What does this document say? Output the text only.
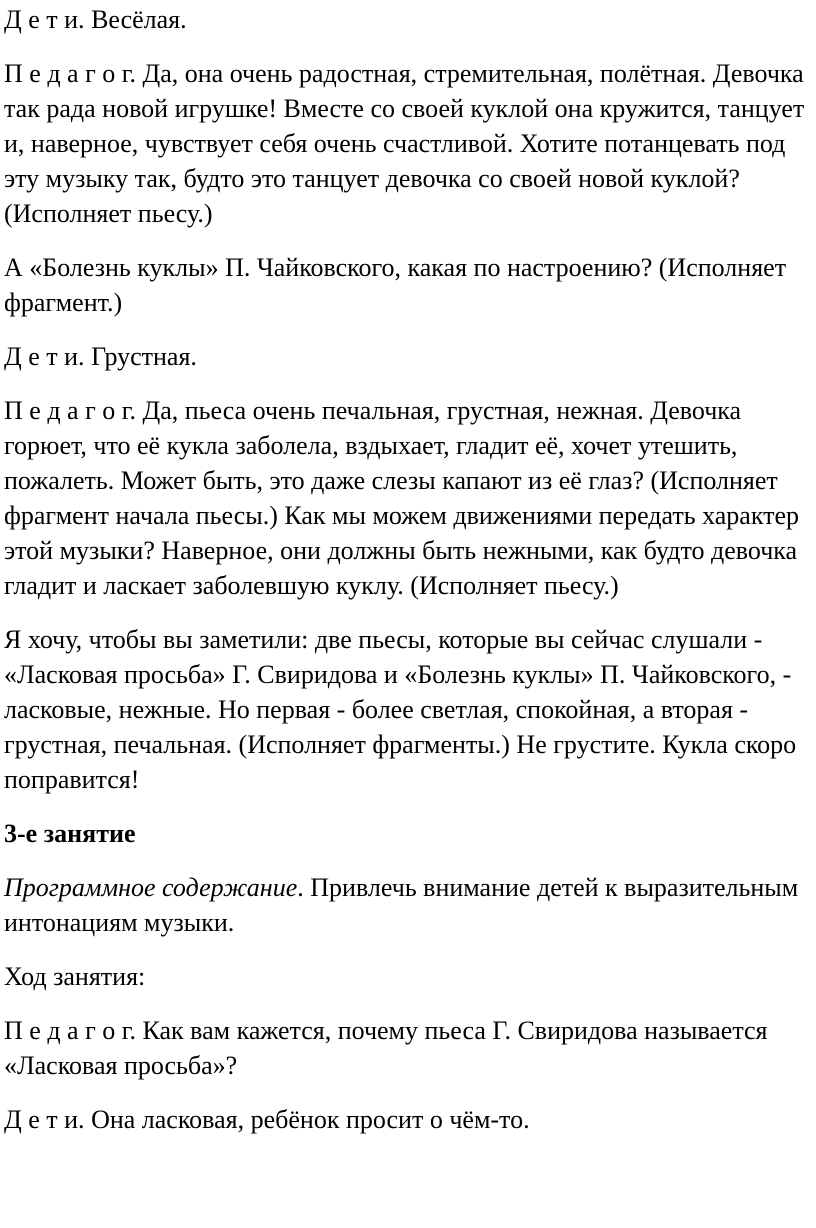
Д е т и. Весёлая.

П е д а г о г. Да, она очень радостная, стремительная, полётная. Девочка так рада новой игрушке! Вместе со своей куклой она кружится, танцует и, наверное, чувствует себя очень счастливой. Хотите потанцевать под эту музыку так, будто это танцует девочка со своей новой куклой? (Исполняет пьесу.)

А «Болезнь куклы» П. Чайковского, какая по настроению? (Исполняет фрагмент.)

Д е т и. Грустная.

П е д а г о г. Да, пьеса очень печальная, грустная, нежная. Девочка горюет, что её кукла заболела, вздыхает, гладит её, хочет утешить, пожалеть. Может быть, это даже слезы капают из её глаз? (Исполняет фрагмент начала пьесы.) Как мы можем движениями передать характер этой музыки? Наверное, они должны быть нежными, как будто девочка гладит и ласкает заболевшую куклу. (Исполняет пьесу.)

Я хочу, чтобы вы заметили: две пьесы, которые вы сейчас слушали - «Ласковая просьба» Г. Свиридова и «Болезнь куклы» П. Чайковского, - ласковые, нежные. Но первая - более светлая, спокойная, а вторая - грустная, печальная. (Исполняет фрагменты.) Не грустите. Кукла скоро поправится!

3-е занятие

Программное содержание. Привлечь внимание детей к выразительным интонациям музыки.

Ход занятия:

П е д а г о г. Как вам кажется, почему пьеса Г. Свиридова называется «Ласковая просьба»?

Д е т и. Она ласковая, ребёнок просит о чём-то.
